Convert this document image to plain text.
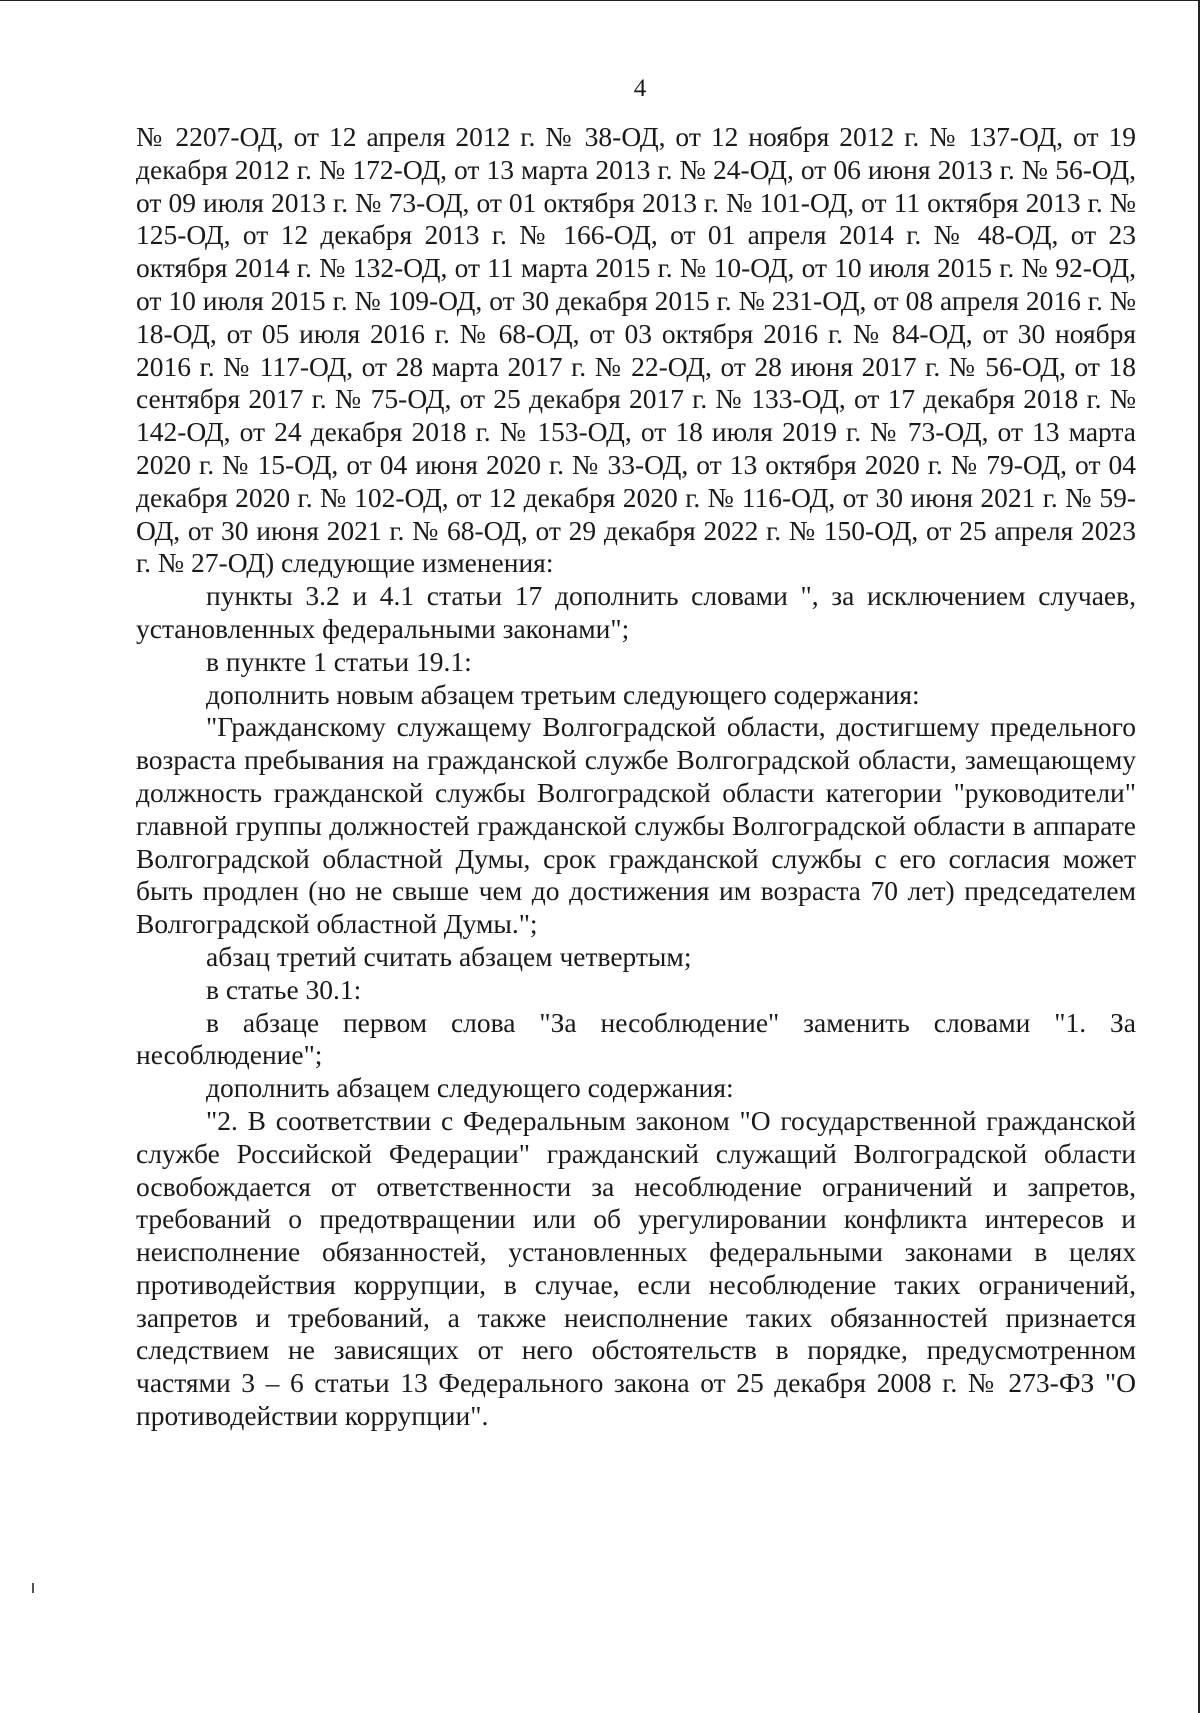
4

№ 2207-ОД, от 12 апреля 2012 г. № 38-ОД, от 12 ноября 2012 г. № 137-ОД, от 19 декабря 2012 г. № 172-ОД, от 13 марта 2013 г. № 24-ОД, от 06 июня 2013 г. № 56-ОД, от 09 июля 2013 г. № 73-ОД, от 01 октября 2013 г. № 101-ОД, от 11 октября 2013 г. № 125-ОД, от 12 декабря 2013 г. № 166-ОД, от 01 апреля 2014 г. № 48-ОД, от 23 октября 2014 г. № 132-ОД, от 11 марта 2015 г. № 10-ОД, от 10 июля 2015 г. № 92-ОД, от 10 июля 2015 г. № 109-ОД, от 30 декабря 2015 г. № 231-ОД, от 08 апреля 2016 г. № 18-ОД, от 05 июля 2016 г. № 68-ОД, от 03 октября 2016 г. № 84-ОД, от 30 ноября 2016 г. № 117-ОД, от 28 марта 2017 г. № 22-ОД, от 28 июня 2017 г. № 56-ОД, от 18 сентября 2017 г. № 75-ОД, от 25 декабря 2017 г. № 133-ОД, от 17 декабря 2018 г. № 142-ОД, от 24 декабря 2018 г. № 153-ОД, от 18 июля 2019 г. № 73-ОД, от 13 марта 2020 г. № 15-ОД, от 04 июня 2020 г. № 33-ОД, от 13 октября 2020 г. № 79-ОД, от 04 декабря 2020 г. № 102-ОД, от 12 декабря 2020 г. № 116-ОД, от 30 июня 2021 г. № 59-ОД, от 30 июня 2021 г. № 68-ОД, от 29 декабря 2022 г. № 150-ОД, от 25 апреля 2023 г. № 27-ОД) следующие изменения:

пункты 3.2 и 4.1 статьи 17 дополнить словами ", за исключением случаев, установленных федеральными законами";

в пункте 1 статьи 19.1:

дополнить новым абзацем третьим следующего содержания:

"Гражданскому служащему Волгоградской области, достигшему предельного возраста пребывания на гражданской службе Волгоградской области, замещающему должность гражданской службы Волгоградской области категории "руководители" главной группы должностей гражданской службы Волгоградской области в аппарате Волгоградской областной Думы, срок гражданской службы с его согласия может быть продлен (но не свыше чем до достижения им возраста 70 лет) председателем Волгоградской областной Думы.";

абзац третий считать абзацем четвертым;

в статье 30.1:

в абзаце первом слова "За несоблюдение" заменить словами "1. За несоблюдение";

дополнить абзацем следующего содержания:

"2. В соответствии с Федеральным законом "О государственной гражданской службе Российской Федерации" гражданский служащий Волгоградской области освобождается от ответственности за несоблюдение ограничений и запретов, требований о предотвращении или об урегулировании конфликта интересов и неисполнение обязанностей, установленных федеральными законами в целях противодействия коррупции, в случае, если несоблюдение таких ограничений, запретов и требований, а также неисполнение таких обязанностей признается следствием не зависящих от него обстоятельств в порядке, предусмотренном частями 3 – 6 статьи 13 Федерального закона от 25 декабря 2008 г. № 273-ФЗ "О противодействии коррупции".
